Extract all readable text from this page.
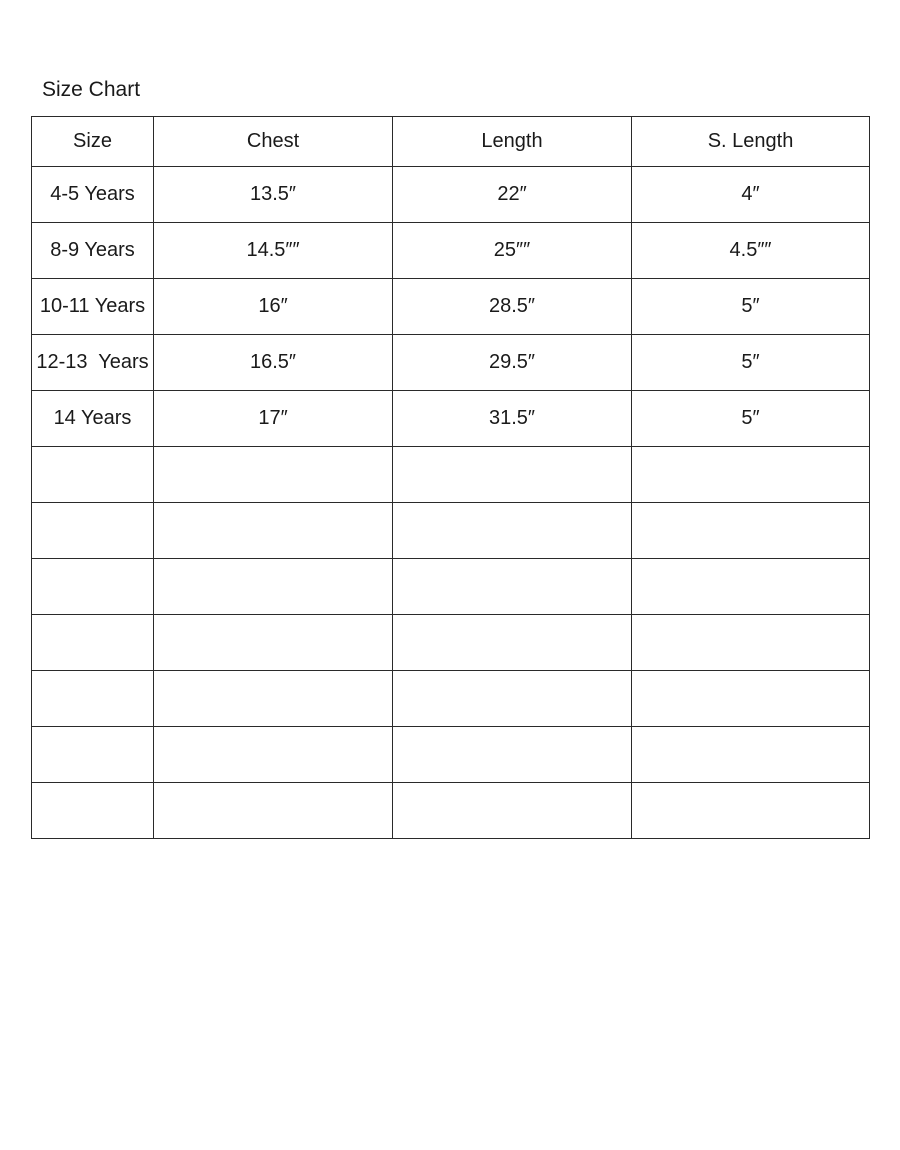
Size Chart
Size	Chest	Length	S. Length
4-5 Years	13.5″	22″	4″
8-9 Years	14.5″″	25″″	4.5″″
10-11 Years	16″	28.5″	5″
12-13  Years	16.5″	29.5″	5″
14 Years	17″	31.5″	5″
